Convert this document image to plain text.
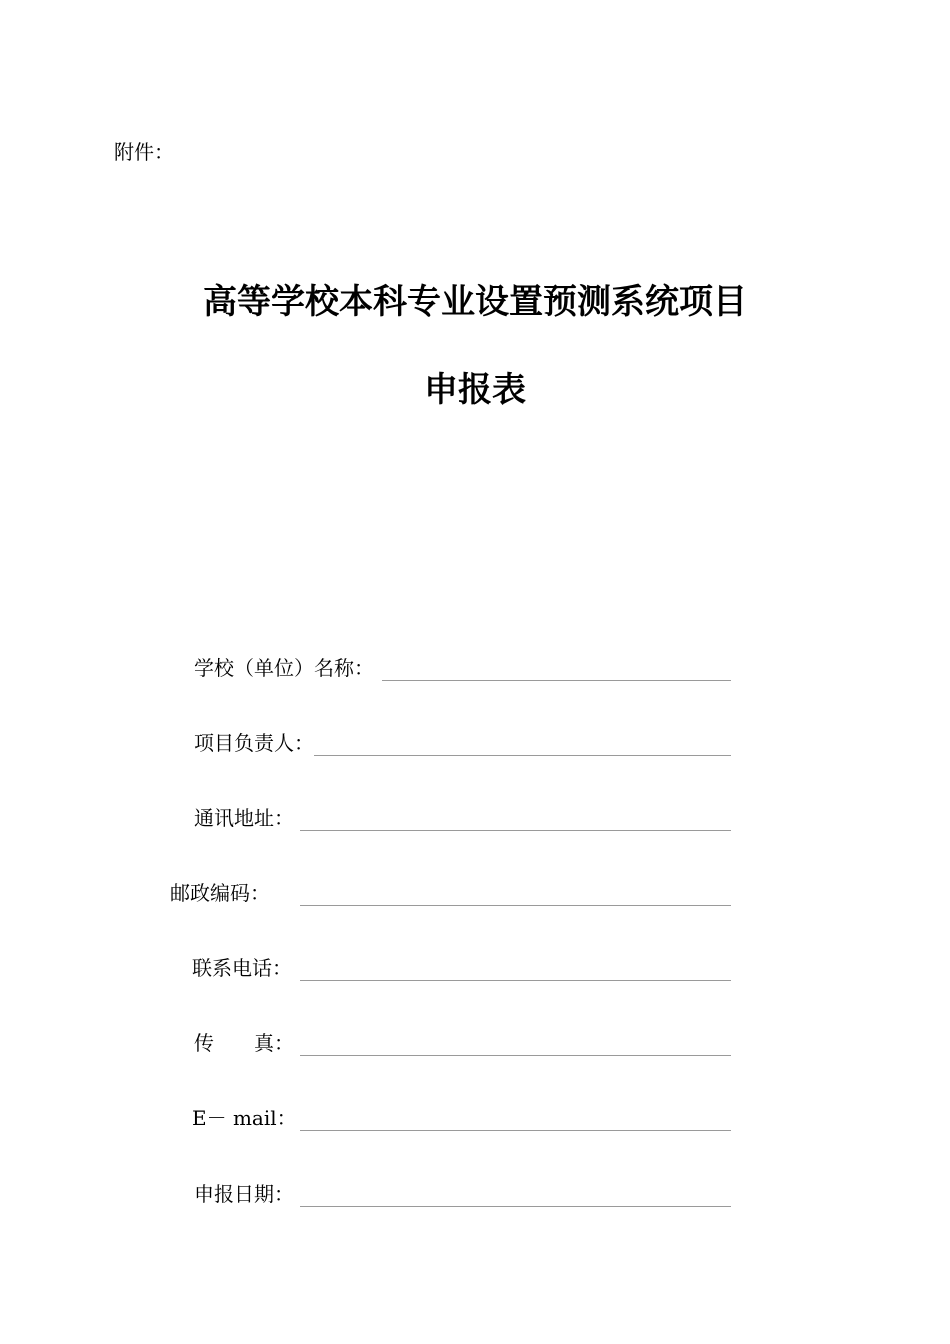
附件：
高等学校本科专业设置预测系统项目
申报表
学校（单位）名称：
项目负责人：
通讯地址：
邮政编码：
联系电话：
传　　真：
E－ mail：
申报日期：
